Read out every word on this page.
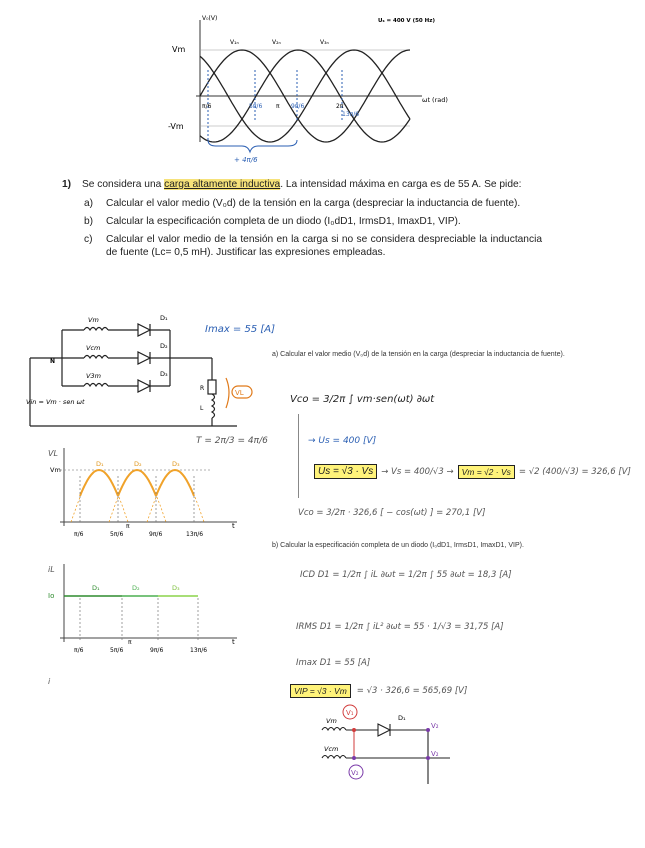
V₀(V)	Uₛ = 400 V (50 Hz)
Vm
-Vm
ωt (rad)
V₁ₙ	V₂ₙ	V₃ₙ
π/6	5π/6 π 9π/6	2π
13π/6
+ 4π/6
1)	Se considera una carga altamente inductiva. La intensidad máxima en carga es de 55 A. Se pide:
a)	Calcular el valor medio (V₀d) de la tensión en la carga (despreciar la inductancia de fuente).
b)	Calcular la especificación completa de un diodo (I₀dD1, IrmsD1, ImaxD1, VIP).
c)	Calcular el valor medio de la tensión en la carga si no se considera despreciable la inductancia de fuente (Lc= 0,5 mH). Justificar las expresiones empleadas.
Imax = 55 [A]
Vm
Vcm
V3m
D₁
D₂
D₃
N
Vin = Vm · sen ωt
R
L
VL
T = 2π/3 = 4π/6
VL
Vm
D₁	D₂	D₃
π/6	5π/6
π
9π/6	13π/6
t
iL
Io
D₁	D₂	D₃
π/6	5π/6
π
9π/6	13π/6
t
i
a) Calcular el valor medio (V₀d) de la tensión en la carga (despreciar la inductancia de fuente).
Vco = 3/2π ∫ vm·sen(ωt) ∂ωt
→ Us = 400 [V]
Us = √3 · Vs → Vs = 400/√3 → Vm = √2 · Vs = √2 (400/√3) = 326,6 [V]
Vco = 3/2π · 326,6 [ − cos(ωt) ] = 270,1 [V]
b) Calcular la especificación completa de un diodo (I₀dD1, IrmsD1, ImaxD1, VIP).
ICD D1 = 1/2π ∫ iL ∂ωt = 1/2π ∫ 55 ∂ωt = 18,3 [A]
IRMS D1 = 1/2π ∫ iL² ∂ωt = 55 · 1/√3 = 31,75 [A]
Imax D1 = 55 [A]
VIP = √3 · Vm	= √3 · 326,6 = 565,69 [V]
V₁
V₂
V₂
V₂
D₁
Vm
Vcm
